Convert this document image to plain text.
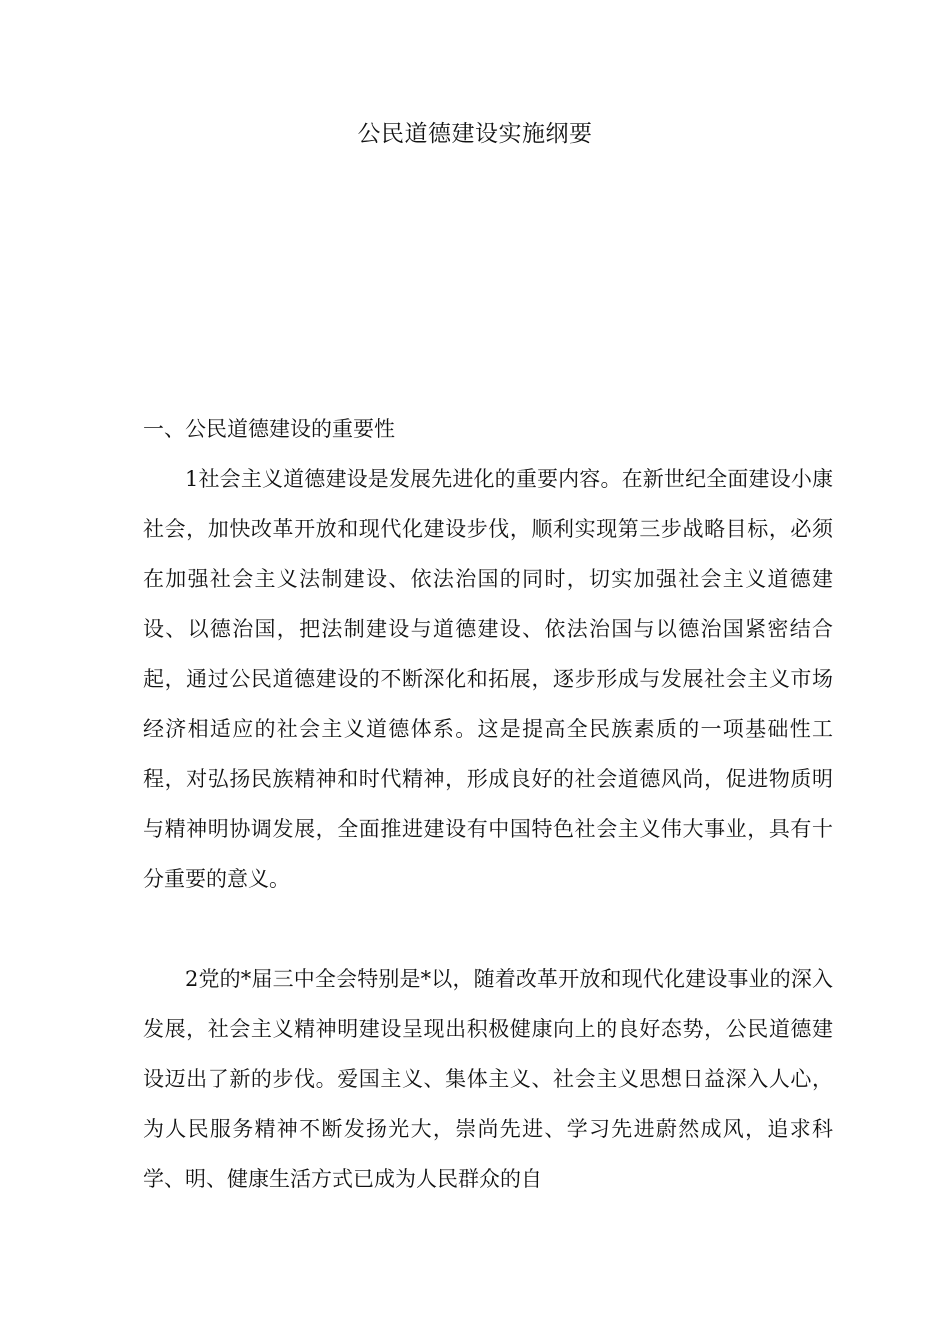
公民道德建设实施纲要
一、公民道德建设的重要性

1社会主义道德建设是发展先进化的重要内容。在新世纪全面建设小康社会，加快改革开放和现代化建设步伐，顺利实现第三步战略目标，必须在加强社会主义法制建设、依法治国的同时，切实加强社会主义道德建设、以德治国，把法制建设与道德建设、依法治国与以德治国紧密结合起，通过公民道德建设的不断深化和拓展，逐步形成与发展社会主义市场经济相适应的社会主义道德体系。这是提高全民族素质的一项基础性工程，对弘扬民族精神和时代精神，形成良好的社会道德风尚，促进物质明与精神明协调发展，全面推进建设有中国特色社会主义伟大事业，具有十分重要的意义。

2党的*届三中全会特别是*以，随着改革开放和现代化建设事业的深入发展，社会主义精神明建设呈现出积极健康向上的良好态势，公民道德建设迈出了新的步伐。爱国主义、集体主义、社会主义思想日益深入人心，为人民服务精神不断发扬光大，崇尚先进、学习先进蔚然成风，追求科学、明、健康生活方式已成为人民群众的自
